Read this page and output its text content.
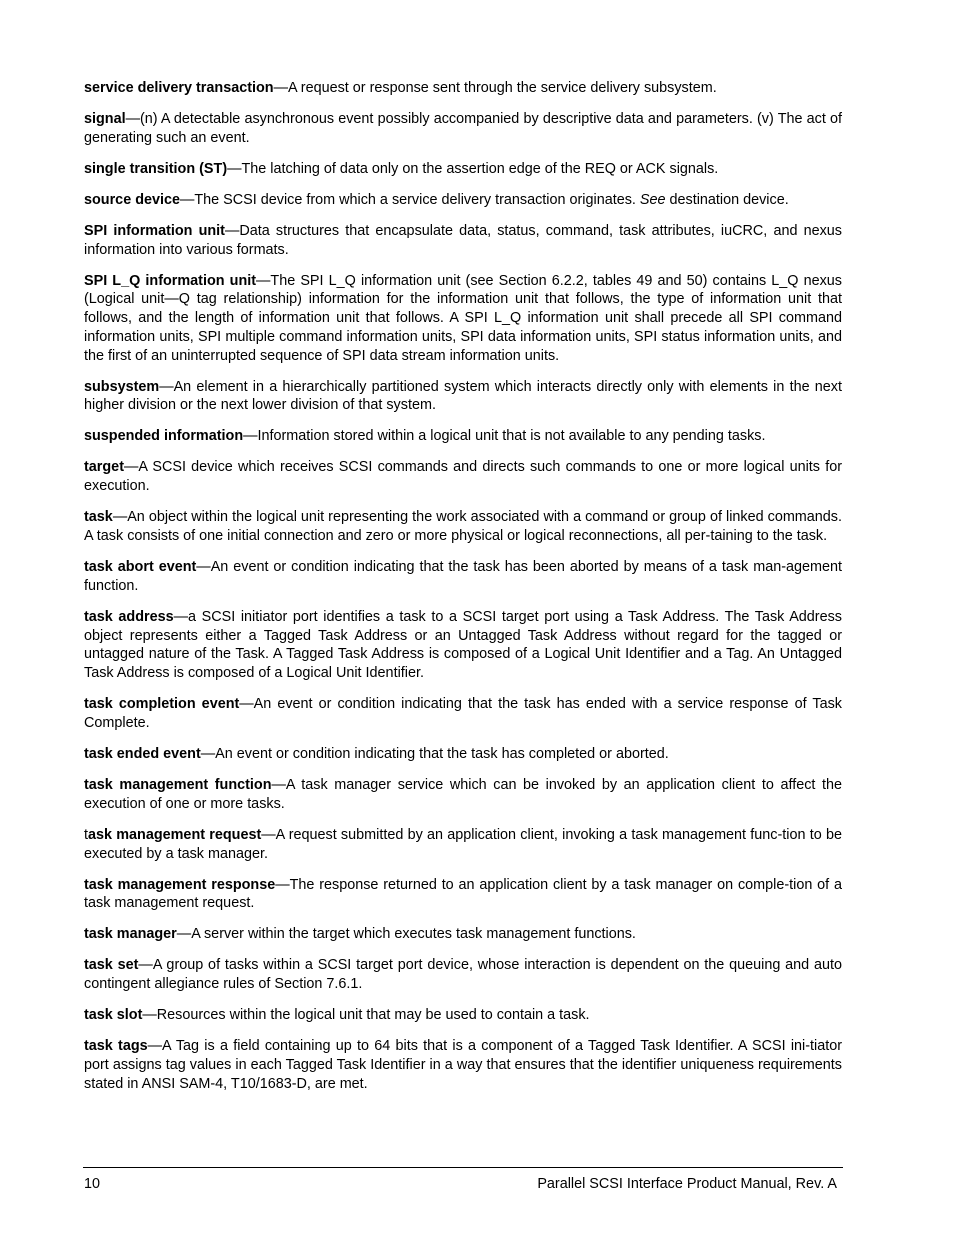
service delivery transaction—A request or response sent through the service delivery subsystem.

signal—(n) A detectable asynchronous event possibly accompanied by descriptive data and parameters. (v) The act of generating such an event.

single transition (ST)—The latching of data only on the assertion edge of the REQ or ACK signals.

source device—The SCSI device from which a service delivery transaction originates. See destination device.

SPI information unit—Data structures that encapsulate data, status, command, task attributes, iuCRC, and nexus information into various formats.

SPI L_Q information unit—The SPI L_Q information unit (see Section 6.2.2, tables 49 and 50) contains L_Q nexus (Logical unit—Q tag relationship) information for the information unit that follows, the type of information unit that follows, and the length of information unit that follows. A SPI L_Q information unit shall precede all SPI command information units, SPI multiple command information units, SPI data information units, SPI status information units, and the first of an uninterrupted sequence of SPI data stream information units.

subsystem—An element in a hierarchically partitioned system which interacts directly only with elements in the next higher division or the next lower division of that system.

suspended information—Information stored within a logical unit that is not available to any pending tasks.

target—A SCSI device which receives SCSI commands and directs such commands to one or more logical units for execution.

task—An object within the logical unit representing the work associated with a command or group of linked commands. A task consists of one initial connection and zero or more physical or logical reconnections, all per-taining to the task.

task abort event—An event or condition indicating that the task has been aborted by means of a task man-agement function.

task address—a SCSI initiator port identifies a task to a SCSI target port using a Task Address. The Task Address object represents either a Tagged Task Address or an Untagged Task Address without regard for the tagged or untagged nature of the Task. A Tagged Task Address is composed of a Logical Unit Identifier and a Tag. An Untagged Task Address is composed of a Logical Unit Identifier.

task completion event—An event or condition indicating that the task has ended with a service response of Task Complete.

task ended event—An event or condition indicating that the task has completed or aborted.

task management function—A task manager service which can be invoked by an application client to affect the execution of one or more tasks.

task management request—A request submitted by an application client, invoking a task management func-tion to be executed by a task manager.

task management response—The response returned to an application client by a task manager on comple-tion of a task management request.

task manager—A server within the target which executes task management functions.

task set—A group of tasks within a SCSI target port device, whose interaction is dependent on the queuing and auto contingent allegiance rules of Section 7.6.1.

task slot—Resources within the logical unit that may be used to contain a task.

task tags—A Tag is a field containing up to 64 bits that is a component of a Tagged Task Identifier. A SCSI ini-tiator port assigns tag values in each Tagged Task Identifier in a way that ensures that the identifier uniqueness requirements stated in ANSI SAM-4, T10/1683-D, are met.

10	Parallel SCSI Interface Product Manual, Rev. A
